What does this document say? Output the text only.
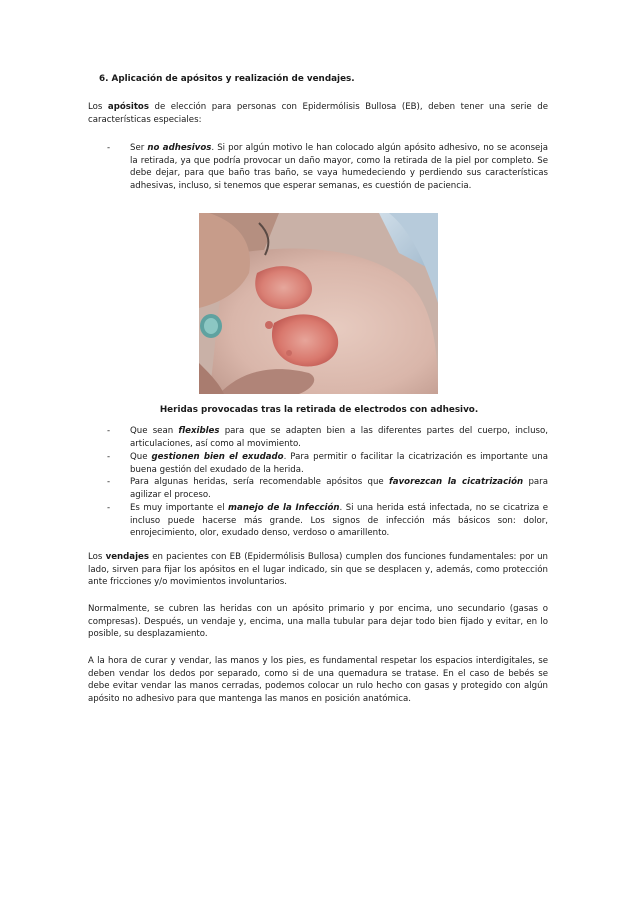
6. Aplicación de apósitos y realización de vendajes.
Los apósitos de elección para personas con Epidermólisis Bullosa (EB), deben tener una serie de características especiales:
- Ser no adhesivos. Si por algún motivo le han colocado algún apósito adhesivo, no se aconseja la retirada, ya que podría provocar un daño mayor, como la retirada de la piel por completo. Se debe dejar, para que baño tras baño, se vaya humedeciendo y perdiendo sus características adhesivas, incluso, si tenemos que esperar semanas, es cuestión de paciencia.
Heridas provocadas tras la retirada de electrodos con adhesivo.
- Que sean flexibles para que se adapten bien a las diferentes partes del cuerpo, incluso, articulaciones, así como al movimiento.
- Que gestionen bien el exudado. Para permitir o facilitar la cicatrización es importante una buena gestión del exudado de la herida.
- Para algunas heridas, sería recomendable apósitos que favorezcan la cicatrización para agilizar el proceso.
- Es muy importante el manejo de la Infección. Si una herida está infectada, no se cicatriza e incluso puede hacerse más grande. Los signos de infección más básicos son: dolor, enrojecimiento, olor, exudado denso, verdoso o amarillento.
Los vendajes en pacientes con EB (Epidermólisis Bullosa) cumplen dos funciones fundamentales: por un lado, sirven para fijar los apósitos en el lugar indicado, sin que se desplacen y, además, como protección ante fricciones y/o movimientos involuntarios.
Normalmente, se cubren las heridas con un apósito primario y por encima, uno secundario (gasas o compresas). Después, un vendaje y, encima, una malla tubular para dejar todo bien fijado y evitar, en lo posible, su desplazamiento.
A la hora de curar y vendar, las manos y los pies, es fundamental respetar los espacios interdigitales, se deben vendar los dedos por separado, como si de una quemadura se tratase. En el caso de bebés se debe evitar vendar las manos cerradas, podemos colocar un rulo hecho con gasas y protegido con algún apósito no adhesivo para que mantenga las manos en posición anatómica.
